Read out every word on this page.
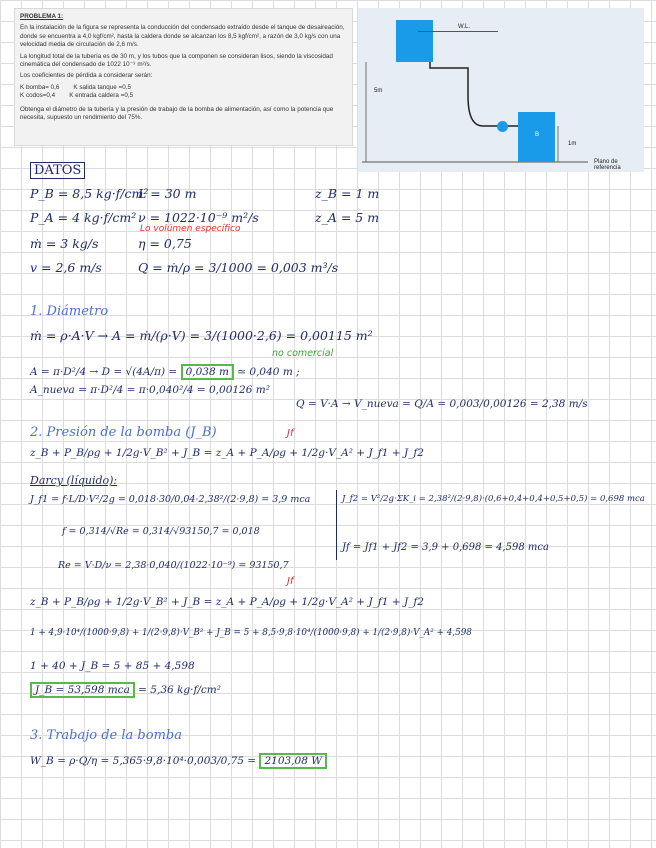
PROBLEMA 1:

En la instalación de la figura se representa la conducción del condensado extraído desde el tanque de desaireación, donde se encuentra a 4,0 kgf/cm², hasta la caldera donde se alcanzan los 8,5 kgf/cm², a razón de 3,0 kg/s con una velocidad media de circulación de 2,6 m/s.

La longitud total de la tubería es de 30 m, y los tubos que la componen se consideran lisos, siendo la viscosidad cinemática del condensado de 1022 10⁻⁹ m²/s.

Los coeficientes de pérdida a considerar serán:

K bomba= 0,6 K salida tanque =0,5
K codos=0,4 K entrada caldera =0,5

Obtenga el diámetro de la tubería y la presión de trabajo de la bomba de alimentación, así como la potencia que necesita, supuesto un rendimiento del 75%.

W.L.
B
5m
1m
Plano de referencia
DATOS
P_B = 8,5 kg·f/cm²
P_A = 4 kg·f/cm²
ṁ = 3 kg/s
v = 2,6 m/s
L = 30 m
ν = 1022·10⁻⁹ m²/s
Lo volúmen específico
η = 0,75
Q = ṁ/ρ = 3/1000 = 0,003 m³/s
z_B = 1 m
z_A = 5 m
1. Diámetro
ṁ = ρ·A·V → A = ṁ/(ρ·V) = 3/(1000·2,6) = 0,00115 m²
no comercial
A = π·D²/4 → D = √(4A/π) = 0,038 m ≃ 0,040 m ;
A_nueva = π·D²/4 = π·0,040²/4 = 0,00126 m²
Q = V·A → V_nueva = Q/A = 0,003/0,00126 = 2,38 m/s
2. Presión de la bomba (J_B)	Jf
z_B + P_B/ρg + 1/2g·V_B² + J_B = z_A + P_A/ρg + 1/2g·V_A² + J_f1 + J_f2
Darcy (líquido):
J_f1 = f·L/D·V²/2g = 0,018·30/0,04·2,38²/(2·9,8) = 3,9 mca	J_f2 = V²/2g·ΣK_i = 2,38²/(2·9,8)·(0,6+0,4+0,4+0,5+0,5) = 0,698 mca
f = 0,314/√Re = 0,314/√93150,7 = 0,018
Jf = Jf1 + Jf2 = 3,9 + 0,698 = 4,598 mca
Re = V·D/ν = 2,38·0,040/(1022·10⁻⁹) = 93150,7
Jf
z_B + P_B/ρg + 1/2g·V_B² + J_B = z_A + P_A/ρg + 1/2g·V_A² + J_f1 + J_f2
1 + 4,9·10⁴/(1000·9,8) + 1/(2·9,8)·V_B² + J_B = 5 + 8,5·9,8·10⁴/(1000·9,8) + 1/(2·9,8)·V_A² + 4,598
1 + 40 + J_B = 5 + 85 + 4,598
J_B = 53,598 mca = 5,36 kg·f/cm²
3. Trabajo de la bomba
W_B = ρ·Q/η = 5,365·9,8·10⁴·0,003/0,75 = 2103,08 W
